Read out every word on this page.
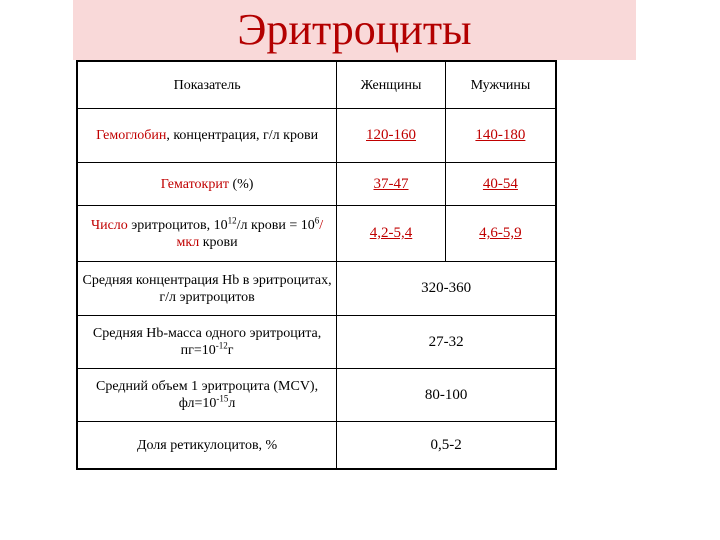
Эритроциты
Показатель	Женщины	Мужчины
Гемоглобин, концентрация, г/л крови	120-160	140-180
Гематокрит (%)	37-47	40-54
Число эритроцитов, $10^{12}/л$ крови = $10^6$/мкл крови	4,2-5,4	4,6-5,9
Средняя концентрация Hb в эритроцитах, г/л эритроцитов	320-360	
Средняя Hb-масса одного эритроцита, $пг=10^{-12}г$	27-32	
Средний объем 1 эритроцита (MCV), $фл=10^{-15}л$	80-100	
Доля ретикулоцитов, %	0,5-2	
